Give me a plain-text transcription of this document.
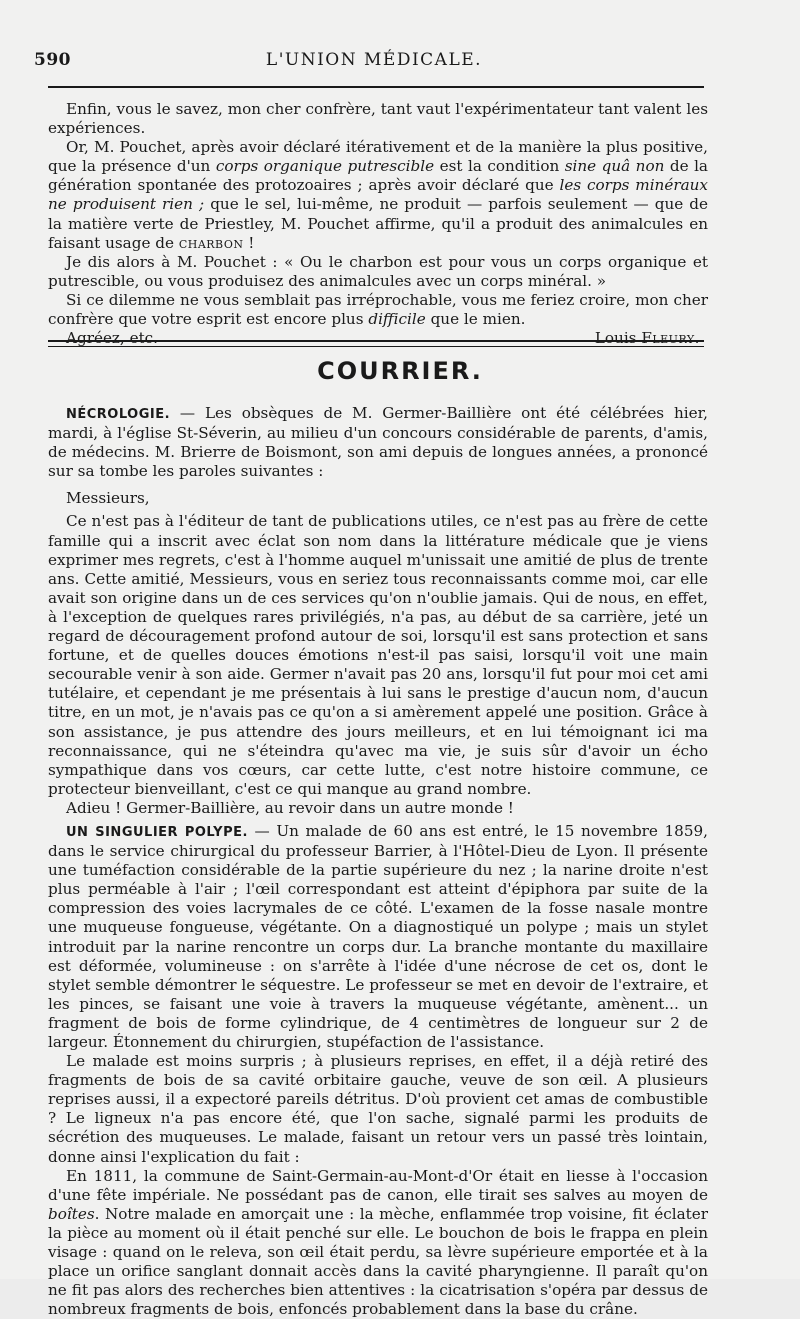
590	L'UNION MÉDICALE.

Enfin, vous le savez, mon cher confrère, tant vaut l'expérimentateur tant valent les expériences.

Or, M. Pouchet, après avoir déclaré itérativement et de la manière la plus positive, que la présence d'un corps organique putrescible est la condition sine quâ non de la génération spontanée des protozoaires ; après avoir déclaré que les corps minéraux ne produisent rien ; que le sel, lui-même, ne produit — parfois seulement — que de la matière verte de Priestley, M. Pouchet affirme, qu'il a produit des animalcules en faisant usage de charbon !

Je dis alors à M. Pouchet : « Ou le charbon est pour vous un corps organique et putrescible, ou vous produisez des animalcules avec un corps minéral. »

Si ce dilemme ne vous semblait pas irréprochable, vous me feriez croire, mon cher confrère que votre esprit est encore plus difficile que le mien.

Agréez, etc.	Louis Fleury.

COURRIER.

NÉCROLOGIE. — Les obsèques de M. Germer-Baillière ont été célébrées hier, mardi, à l'église St-Séverin, au milieu d'un concours considérable de parents, d'amis, de médecins. M. Brierre de Boismont, son ami depuis de longues années, a prononcé sur sa tombe les paroles suivantes :

Messieurs,

Ce n'est pas à l'éditeur de tant de publications utiles, ce n'est pas au frère de cette famille qui a inscrit avec éclat son nom dans la littérature médicale que je viens exprimer mes regrets, c'est à l'homme auquel m'unissait une amitié de plus de trente ans. Cette amitié, Messieurs, vous en seriez tous reconnaissants comme moi, car elle avait son origine dans un de ces services qu'on n'oublie jamais. Qui de nous, en effet, à l'exception de quelques rares privilégiés, n'a pas, au début de sa carrière, jeté un regard de découragement profond autour de soi, lorsqu'il est sans protection et sans fortune, et de quelles douces émotions n'est-il pas saisi, lorsqu'il voit une main secourable venir à son aide. Germer n'avait pas 20 ans, lorsqu'il fut pour moi cet ami tutélaire, et cependant je me présentais à lui sans le prestige d'aucun nom, d'aucun titre, en un mot, je n'avais pas ce qu'on a si amèrement appelé une position. Grâce à son assistance, je pus attendre des jours meilleurs, et en lui témoignant ici ma reconnaissance, qui ne s'éteindra qu'avec ma vie, je suis sûr d'avoir un écho sympathique dans vos cœurs, car cette lutte, c'est notre histoire commune, ce protecteur bienveillant, c'est ce qui manque au grand nombre.

Adieu ! Germer-Baillière, au revoir dans un autre monde !

UN SINGULIER POLYPE. — Un malade de 60 ans est entré, le 15 novembre 1859, dans le service chirurgical du professeur Barrier, à l'Hôtel-Dieu de Lyon. Il présente une tuméfaction considérable de la partie supérieure du nez ; la narine droite n'est plus perméable à l'air ; l'œil correspondant est atteint d'épiphora par suite de la compression des voies lacrymales de ce côté. L'examen de la fosse nasale montre une muqueuse fongueuse, végétante. On a diagnostiqué un polype ; mais un stylet introduit par la narine rencontre un corps dur. La branche montante du maxillaire est déformée, volumineuse : on s'arrête à l'idée d'une nécrose de cet os, dont le stylet semble démontrer le séquestre. Le professeur se met en devoir de l'extraire, et les pinces, se faisant une voie à travers la muqueuse végétante, amènent... un fragment de bois de forme cylindrique, de 4 centimètres de longueur sur 2 de largeur. Étonnement du chirurgien, stupéfaction de l'assistance.

Le malade est moins surpris ; à plusieurs reprises, en effet, il a déjà retiré des fragments de bois de sa cavité orbitaire gauche, veuve de son œil. A plusieurs reprises aussi, il a expectoré pareils détritus. D'où provient cet amas de combustible ? Le ligneux n'a pas encore été, que l'on sache, signalé parmi les produits de sécrétion des muqueuses. Le malade, faisant un retour vers un passé très lointain, donne ainsi l'explication du fait :

En 1811, la commune de Saint-Germain-au-Mont-d'Or était en liesse à l'occasion d'une fête impériale. Ne possédant pas de canon, elle tirait ses salves au moyen de boîtes. Notre malade en amorçait une : la mèche, enflammée trop voisine, fit éclater la pièce au moment où il était penché sur elle. Le bouchon de bois le frappa en plein visage : quand on le releva, son œil était perdu, sa lèvre supérieure emportée et à la place un orifice sanglant donnait accès dans la cavité pharyngienne. Il paraît qu'on ne fit pas alors des recherches bien attentives : la cicatrisation s'opéra par dessus de nombreux fragments de bois, enfoncés probablement dans la base du crâne.
